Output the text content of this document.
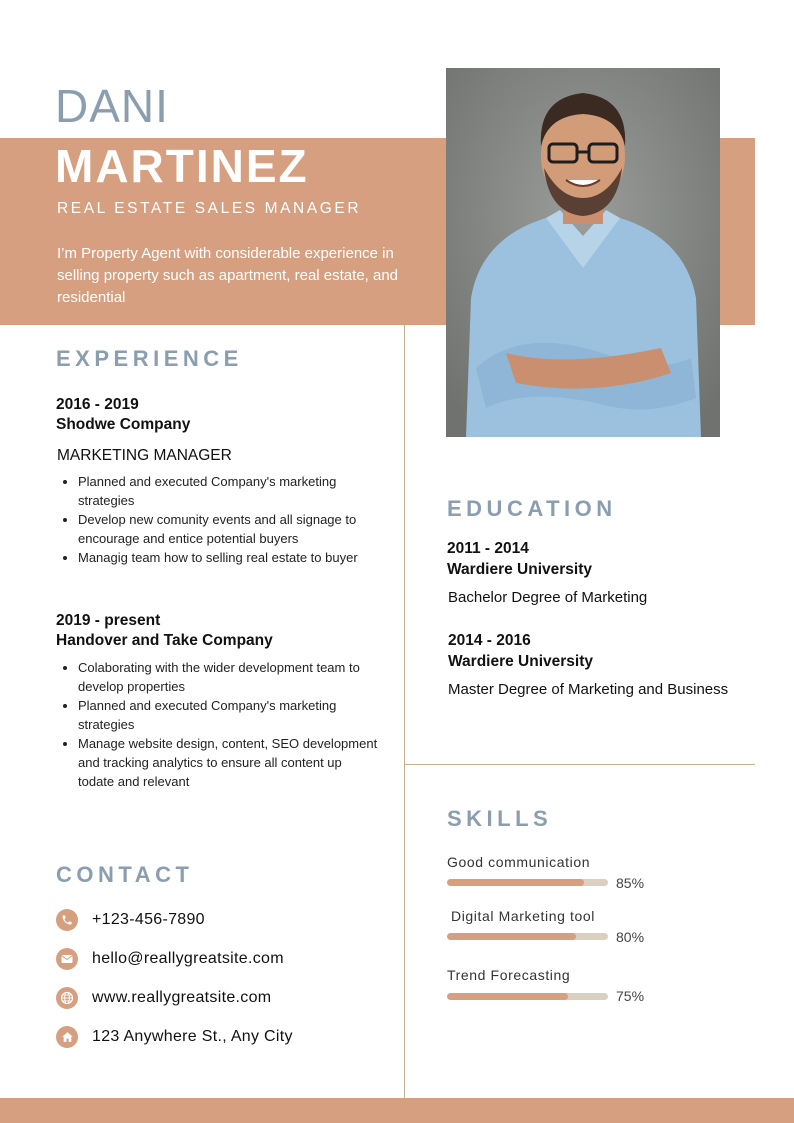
DANI
MARTINEZ
REAL ESTATE SALES MANAGER
I’m Property Agent with considerable experience in selling property such as apartment, real estate, and residential
EXPERIENCE
2016 - 2019
Shodwe Company
MARKETING MANAGER
• Planned and executed Company's marketing strategies
• Develop new comunity events and all signage to encourage and entice potential buyers
• Managig team how to selling real estate to buyer
2019 - present
Handover and Take Company
• Colaborating with the wider development team to develop properties
• Planned and executed Company's marketing strategies
• Manage website design, content, SEO development and tracking analytics to ensure all content up todate and relevant
EDUCATION
2011 - 2014
Wardiere University
Bachelor Degree of Marketing
2014 - 2016
Wardiere University
Master Degree of Marketing and Business
SKILLS
Good communication
85%
Digital Marketing tool
80%
Trend Forecasting
75%
CONTACT
+123-456-7890
hello@reallygreatsite.com
www.reallygreatsite.com
123 Anywhere St., Any City
